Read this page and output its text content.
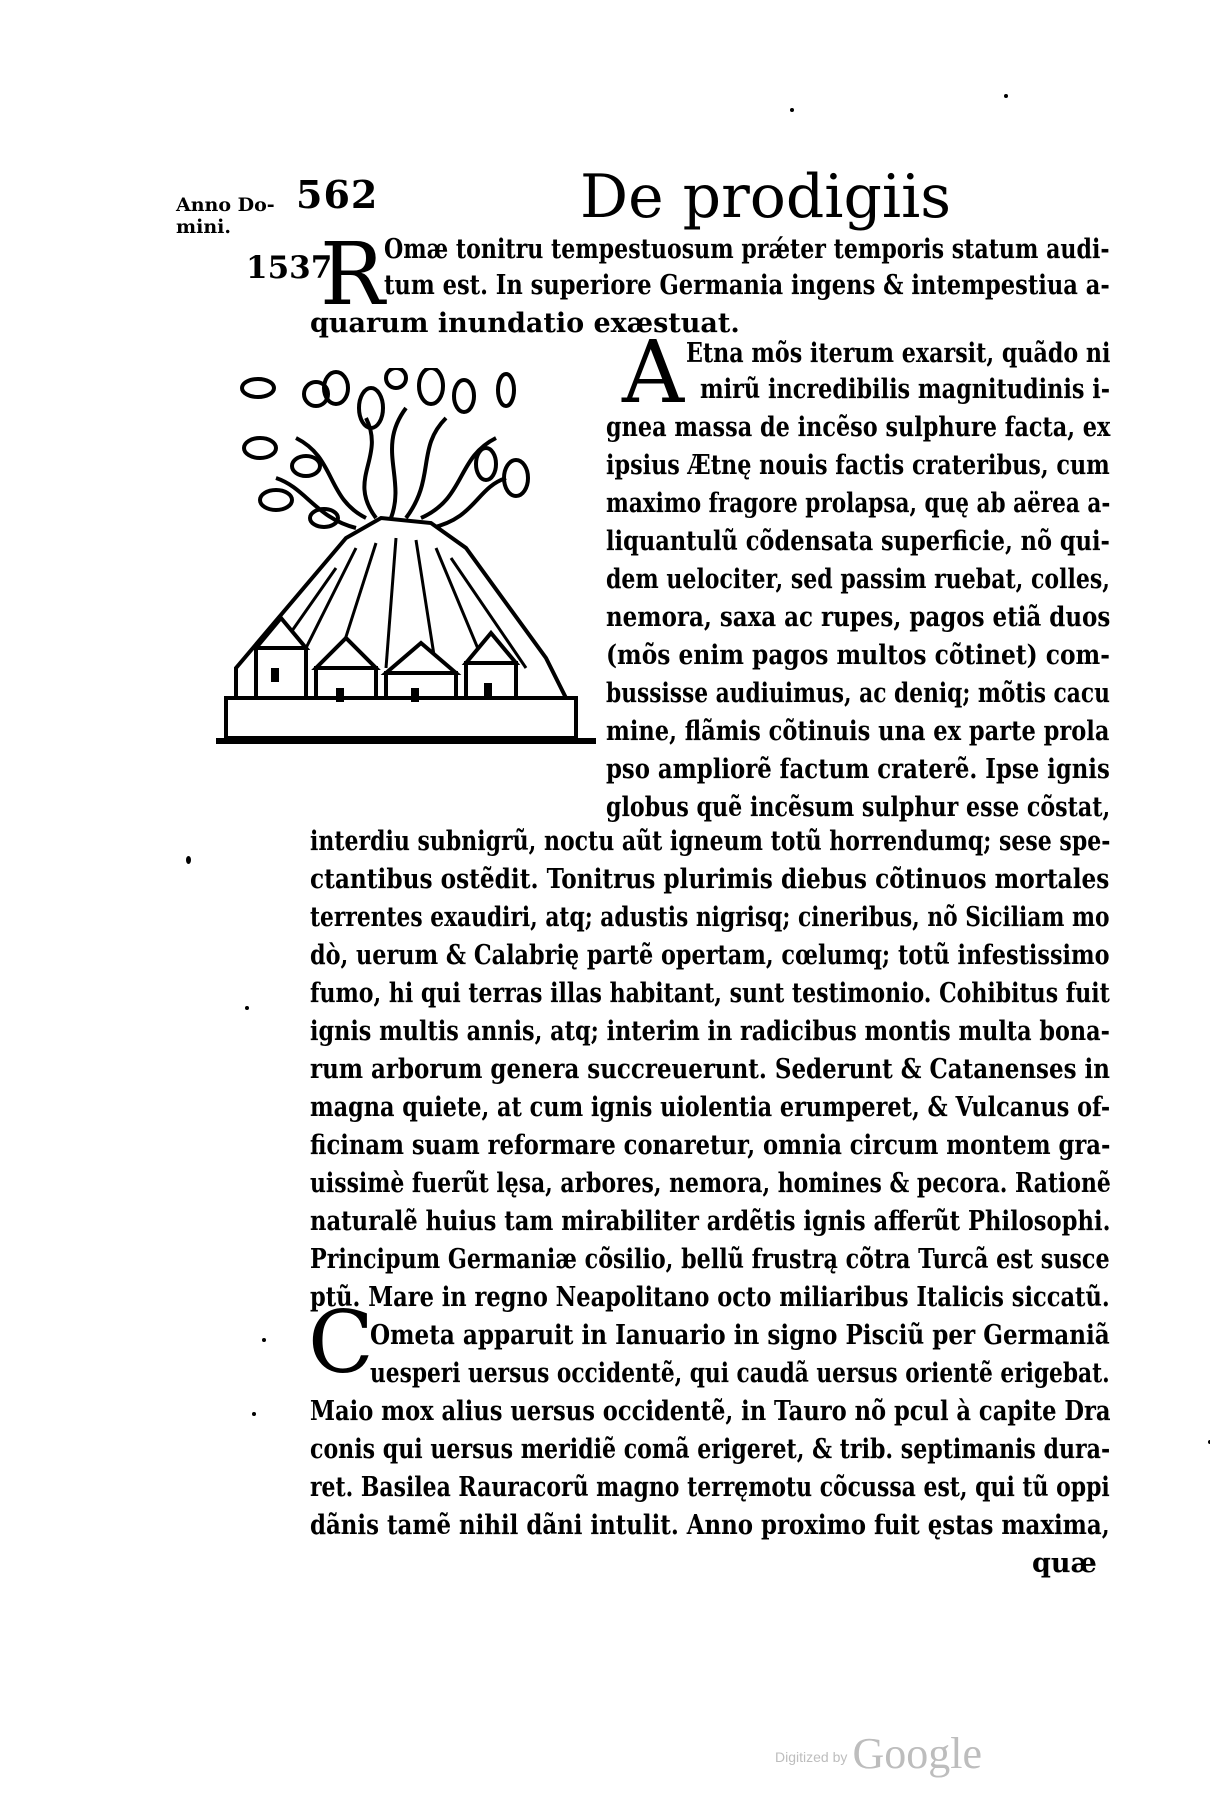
Anno Do-
mini.
562	De prodigiis
1537
R Omæ tonitru tempestuosum prǽter temporis statum audi-
tum est. In superiore Germania ingens & intempestiua a-
quarum inundatio exæstuat.
A Etna mõs iterum exarsit, quãdo ni
mirũ incredibilis magnitudinis i-
gnea massa de incẽso sulphure facta, ex
ipsius Ætnę nouis factis crateribus, cum
maximo fragore prolapsa, quę ab aërea a-
liquantulũ cõdensata superficie, nõ qui-
dem uelociter, sed passim ruebat, colles,
nemora, saxa ac rupes, pagos etiã duos
(mõs enim pagos multos cõtinet) com-
bussisse audiuimus, ac deniq; mõtis cacu
mine, flãmis cõtinuis una ex parte prola
pso ampliorẽ factum craterẽ. Ipse ignis
globus quẽ incẽsum sulphur esse cõstat,
interdiu subnigrũ, noctu aũt igneum totũ horrendumq; sese spe-
ctantibus ostẽdit. Tonitrus plurimis diebus cõtinuos mortales
terrentes exaudiri, atq; adustis nigrisq; cineribus, nõ Siciliam mo
dò, uerum & Calabrię partẽ opertam, cœlumq; totũ infestissimo
fumo, hi qui terras illas habitant, sunt testimonio. Cohibitus fuit
ignis multis annis, atq; interim in radicibus montis multa bona-
rum arborum genera succreuerunt. Sederunt & Catanenses in
magna quiete, at cum ignis uiolentia erumperet, & Vulcanus of-
ficinam suam reformare conaretur, omnia circum montem gra-
uissimè fuerũt lęsa, arbores, nemora, homines & pecora. Rationẽ
naturalẽ huius tam mirabiliter ardẽtis ignis afferũt Philosophi.
Principum Germaniæ cõsilio, bellũ frustrą cõtra Turcã est susce
ptũ. Mare in regno Neapolitano octo miliaribus Italicis siccatũ.
C
Ometa apparuit in Ianuario in signo Pisciũ per Germaniã
uesperi uersus occidentẽ, qui caudã uersus orientẽ erigebat.
Maio mox alius uersus occidentẽ, in Tauro nõ pcul à capite Dra
conis qui uersus meridiẽ comã erigeret, & trib. septimanis dura-
ret. Basilea Rauracorũ magno terręmotu cõcussa est, qui tũ oppi
dãnis tamẽ nihil dãni intulit. Anno proximo fuit ęstas maxima,
quæ
Digitized by Google
